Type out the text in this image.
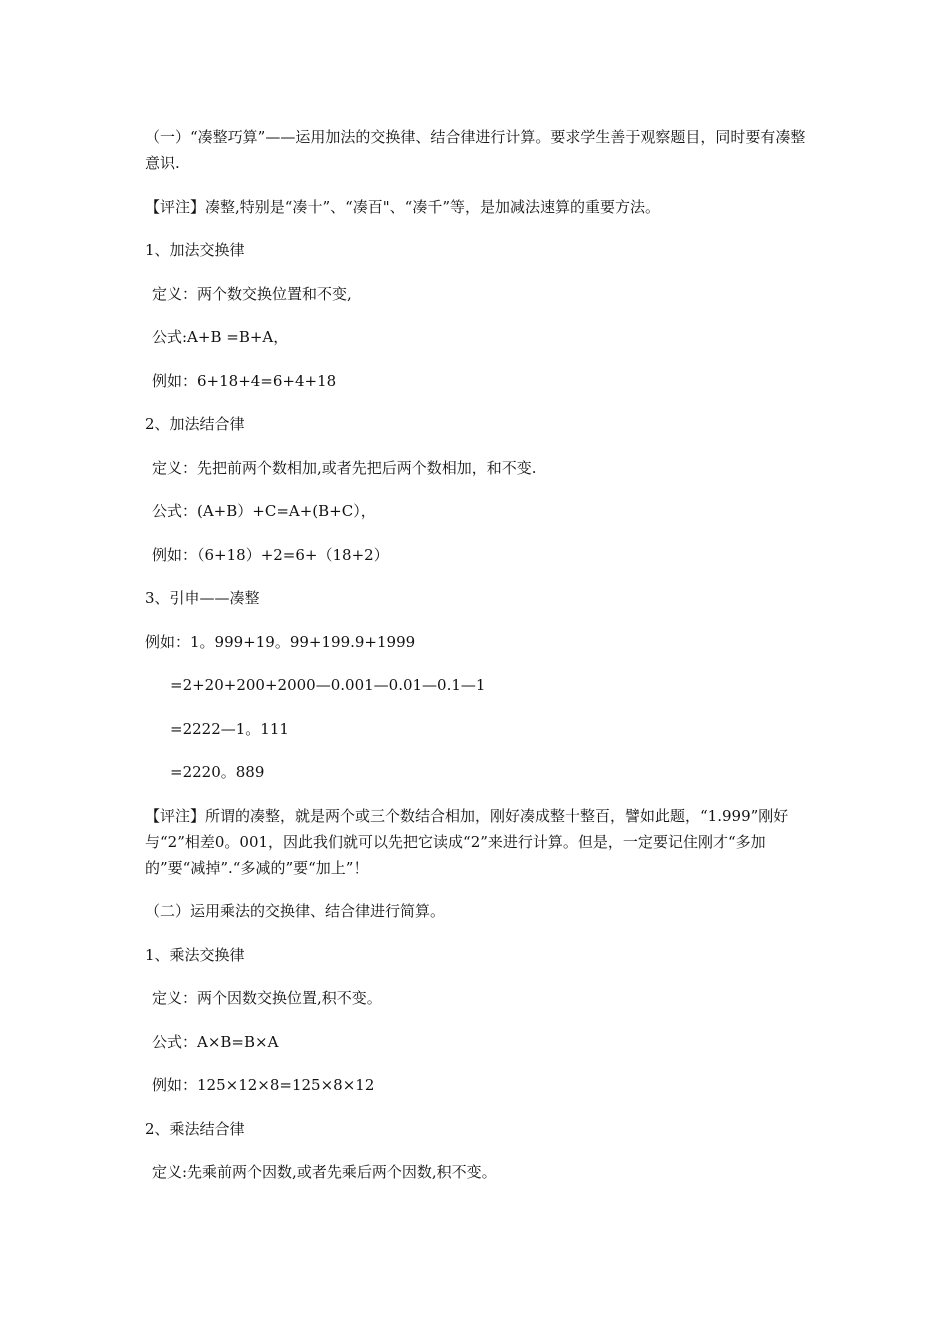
（一）“凑整巧算”——运用加法的交换律、结合律进行计算。要求学生善于观察题目，同时要有凑整意识.

【评注】凑整,特别是“凑十”、“凑百"、“凑千”等，是加减法速算的重要方法。

1、加法交换律

定义：两个数交换位置和不变,

公式:A+B =B+A，

例如：6+18+4=6+4+18

2、加法结合律

定义：先把前两个数相加,或者先把后两个数相加，和不变.

公式：(A+B）+C=A+(B+C），

例如：（6+18）+2=6+（18+2）

3、引申——凑整

例如：1。999+19。99+199.9+1999

=2+20+200+2000—0.001—0.01—0.1—1

=2222—1。111

=2220。889

【评注】所谓的凑整，就是两个或三个数结合相加，刚好凑成整十整百，譬如此题，“1.999”刚好与“2”相差0。001，因此我们就可以先把它读成“2”来进行计算。但是，一定要记住刚才“多加的”要“减掉”.“多减的”要“加上”！

（二）运用乘法的交换律、结合律进行简算。

1、乘法交换律

定义：两个因数交换位置,积不变。

公式：A×B=B×A

例如：125×12×8=125×8×12

2、乘法结合律

定义:先乘前两个因数,或者先乘后两个因数,积不变。
